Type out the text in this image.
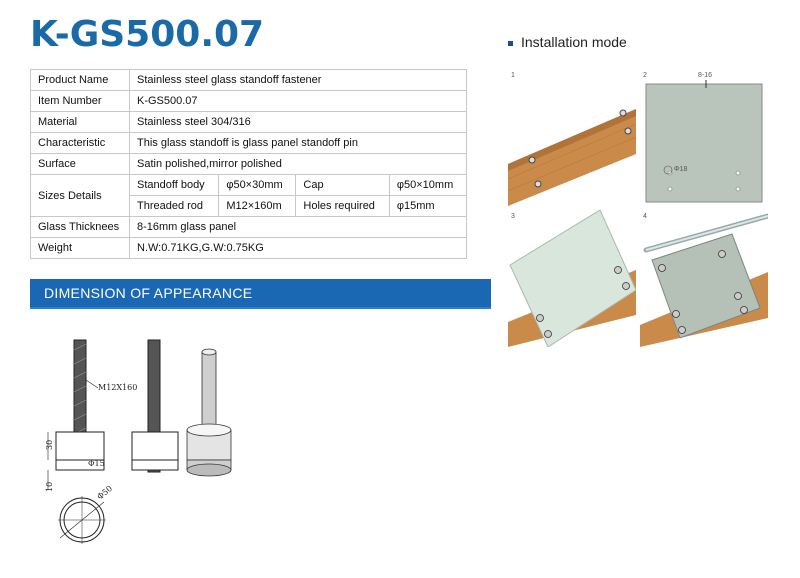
K-GS500.07
Product Name	Stainless steel glass standoff fastener			
Item Number	K-GS500.07			
Material	Stainless steel 304/316			
Characteristic	This glass standoff is glass panel standoff pin			
Surface	Satin polished,mirror polished			
Sizes Details	Standoff body	φ50×30mm	Cap	φ50×10mm
	Threaded rod	M12×160m	Holes required	φ15mm
Glass Thicknees	8-16mm glass panel			
Weight	N.W:0.71KG,G.W:0.75KG			
Installation mode
1	2	8-16
Φ18
3	4
DIMENSION OF APPEARANCE
M12X160
30
Φ15
10	Φ50
